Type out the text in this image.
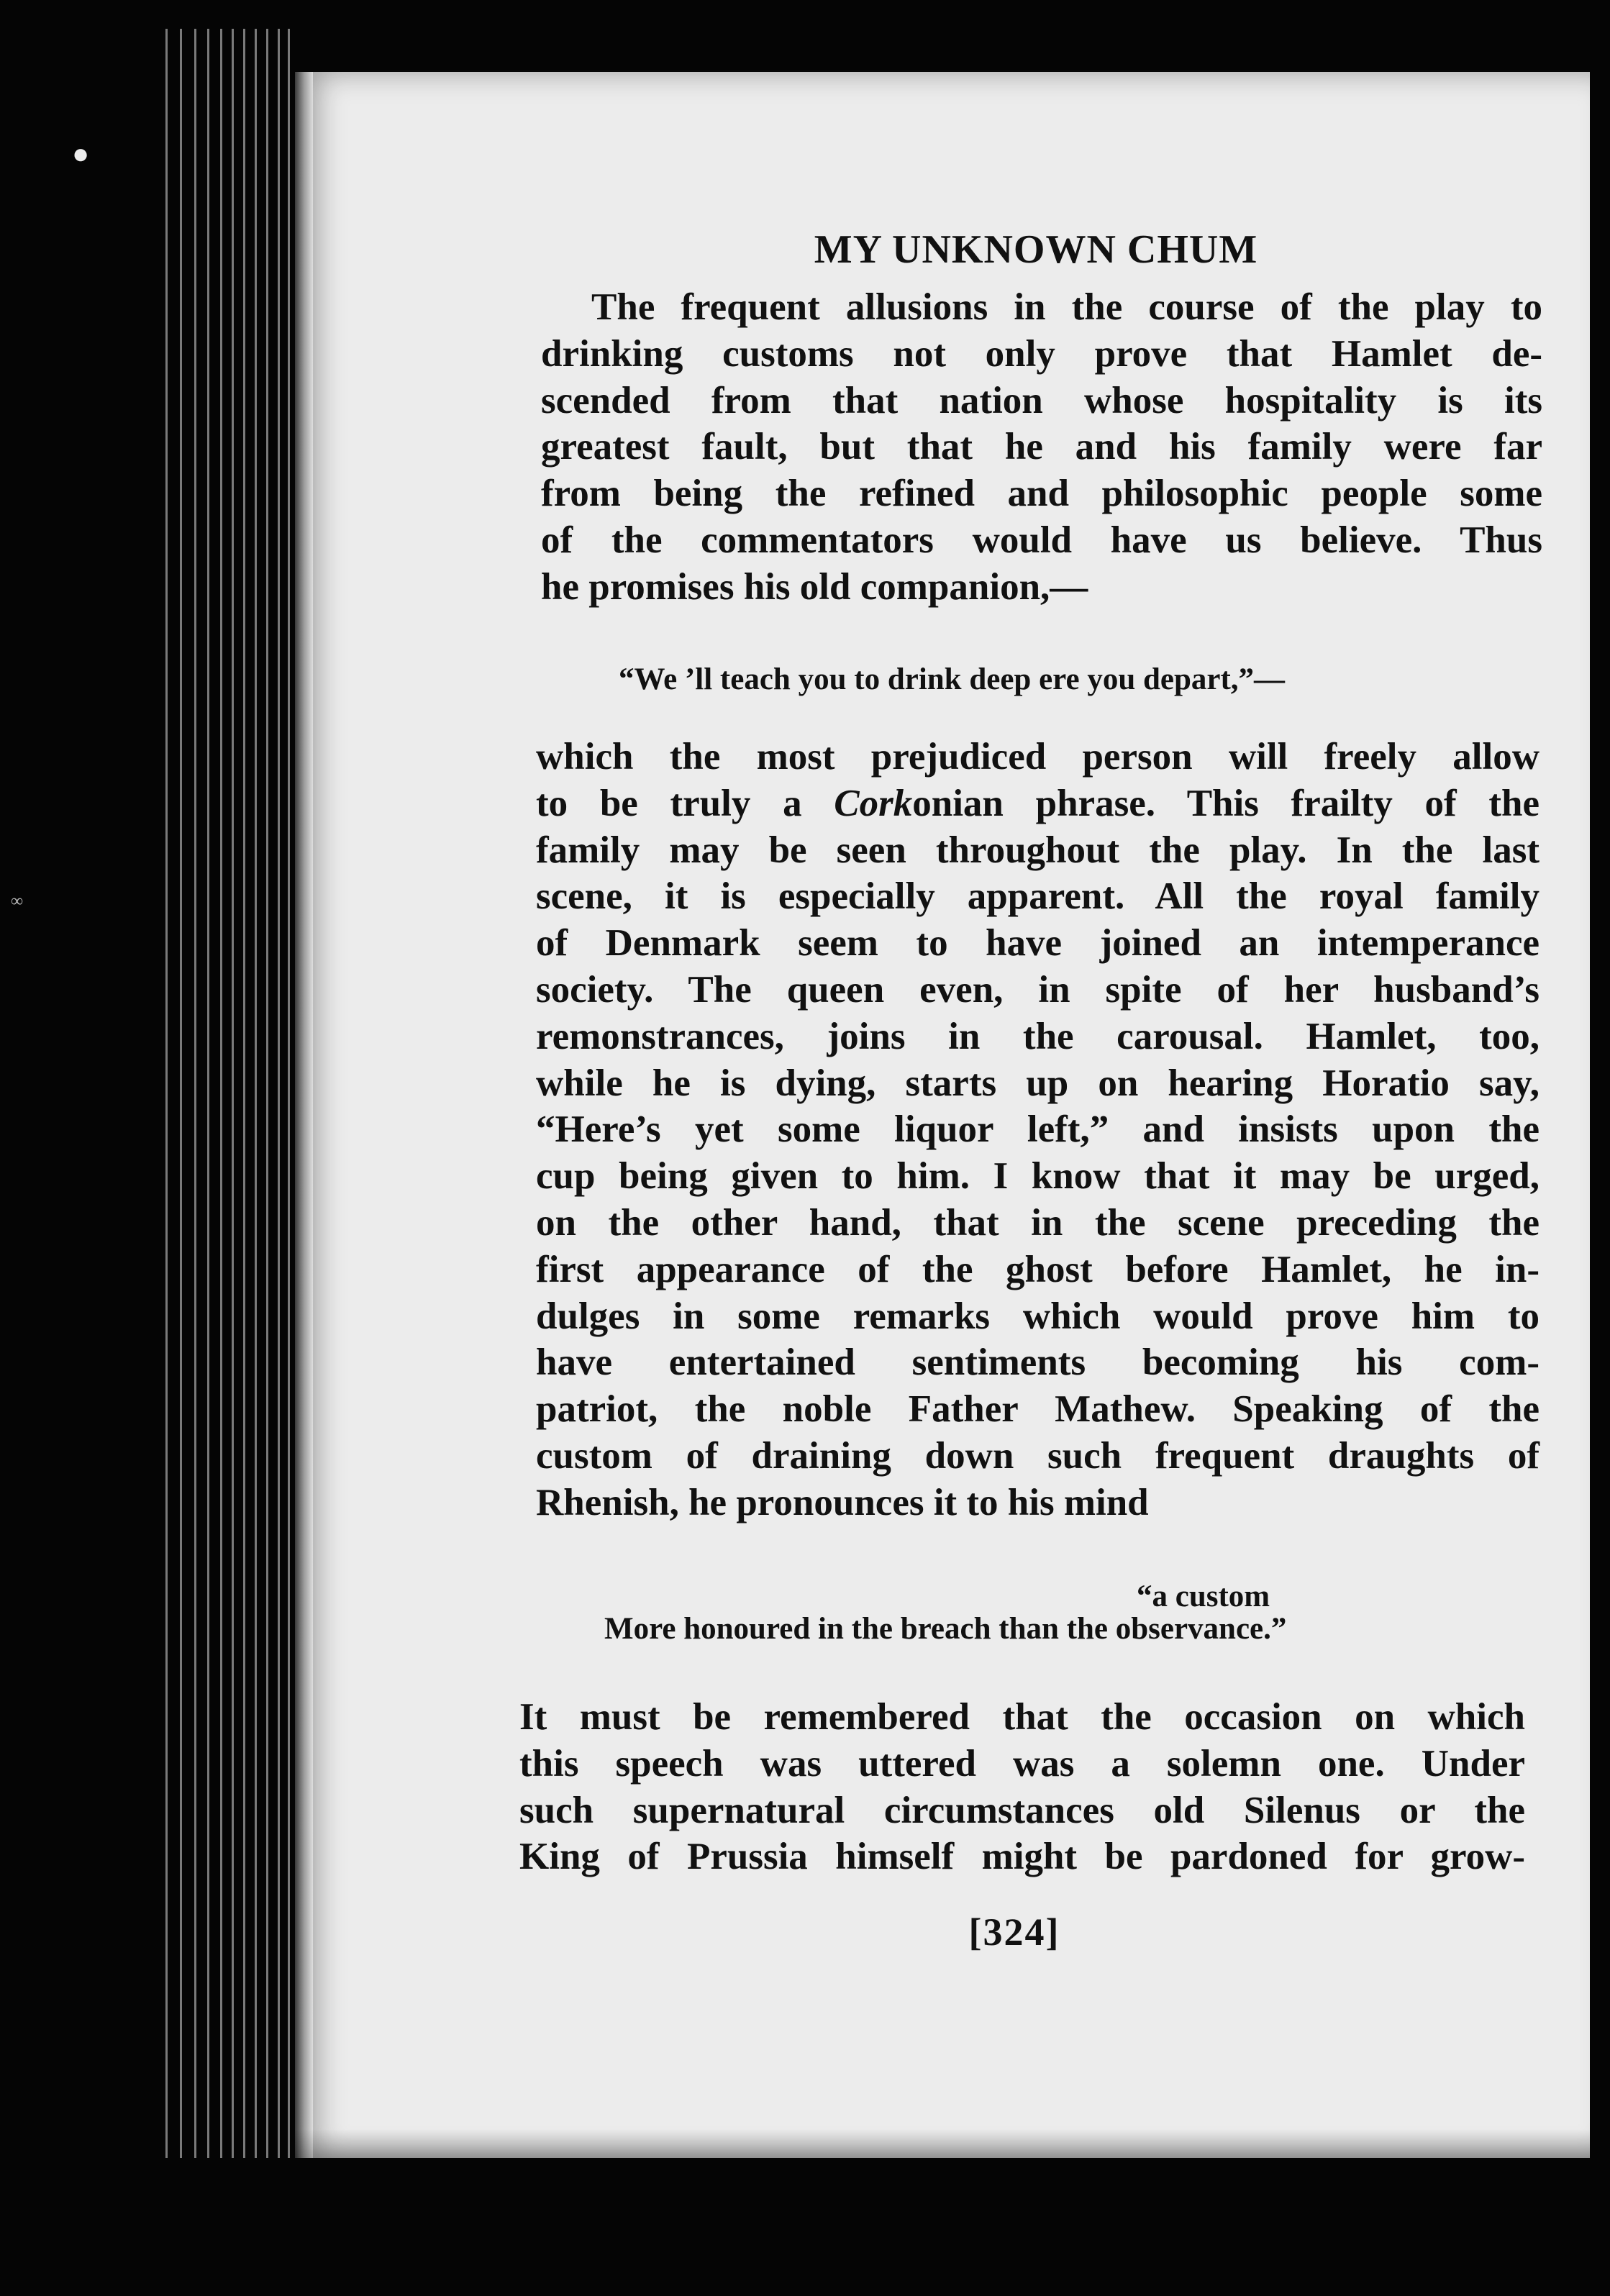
MY UNKNOWN CHUM
The frequent allusions in the course of the play to
drinking customs not only prove that Hamlet de-
scended from that nation whose hospitality is its
greatest fault, but that he and his family were far
from being the refined and philosophic people some
of the commentators would have us believe. Thus
he promises his old companion,—
“We ’ll teach you to drink deep ere you depart,”—
which the most prejudiced person will freely allow
to be truly a Corkonian phrase. This frailty of the
family may be seen throughout the play. In the last
scene, it is especially apparent. All the royal family
of Denmark seem to have joined an intemperance
society. The queen even, in spite of her husband’s
remonstrances, joins in the carousal. Hamlet, too,
while he is dying, starts up on hearing Horatio say,
“Here’s yet some liquor left,” and insists upon the
cup being given to him. I know that it may be urged,
on the other hand, that in the scene preceding the
first appearance of the ghost before Hamlet, he in-
dulges in some remarks which would prove him to
have entertained sentiments becoming his com-
patriot, the noble Father Mathew. Speaking of the
custom of draining down such frequent draughts of
Rhenish, he pronounces it to his mind
“a custom
More honoured in the breach than the observance.”
It must be remembered that the occasion on which
this speech was uttered was a solemn one. Under
such supernatural circumstances old Silenus or the
King of Prussia himself might be pardoned for grow-
[324]
●
∞
